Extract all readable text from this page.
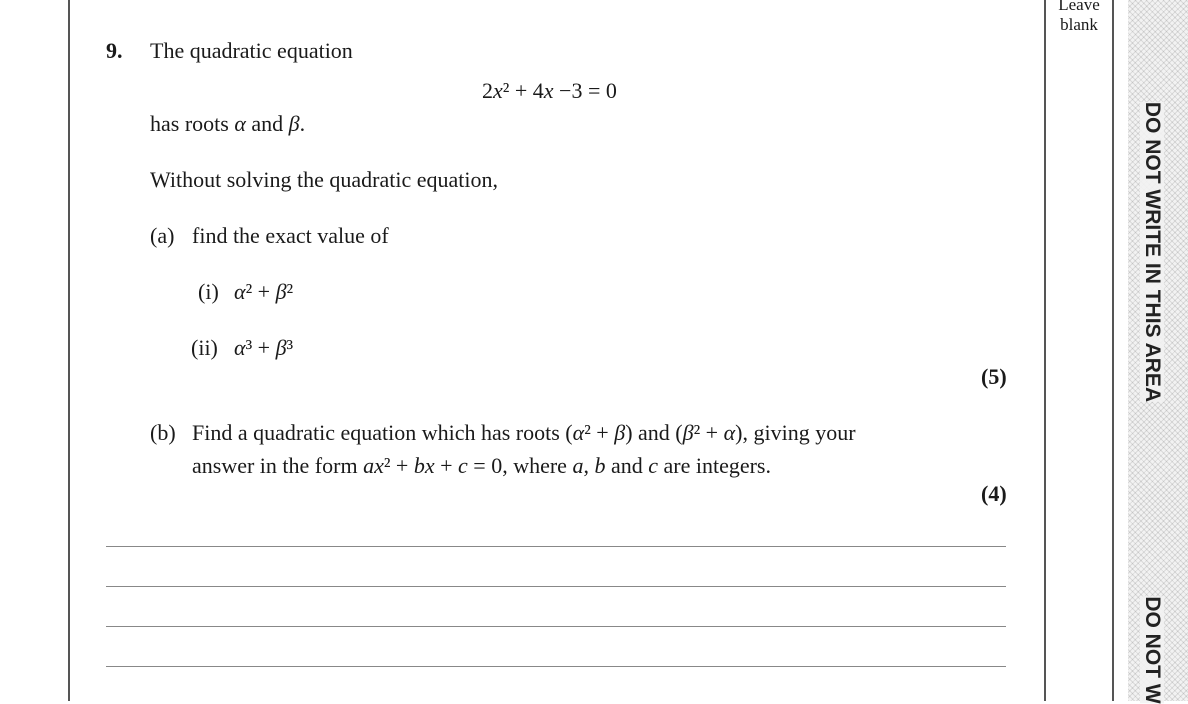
Leave
blank
DO NOT WRITE IN THIS AREA
DO NOT W
9. The quadratic equation
2x² + 4x −3 = 0
has roots α and β.
Without solving the quadratic equation,
(a) find the exact value of
(i) α² + β²
(ii) α³ + β³
(5)
(b) Find a quadratic equation which has roots (α² + β) and (β² + α), giving your
answer in the form ax² + bx + c = 0, where a, b and c are integers.
(4)
